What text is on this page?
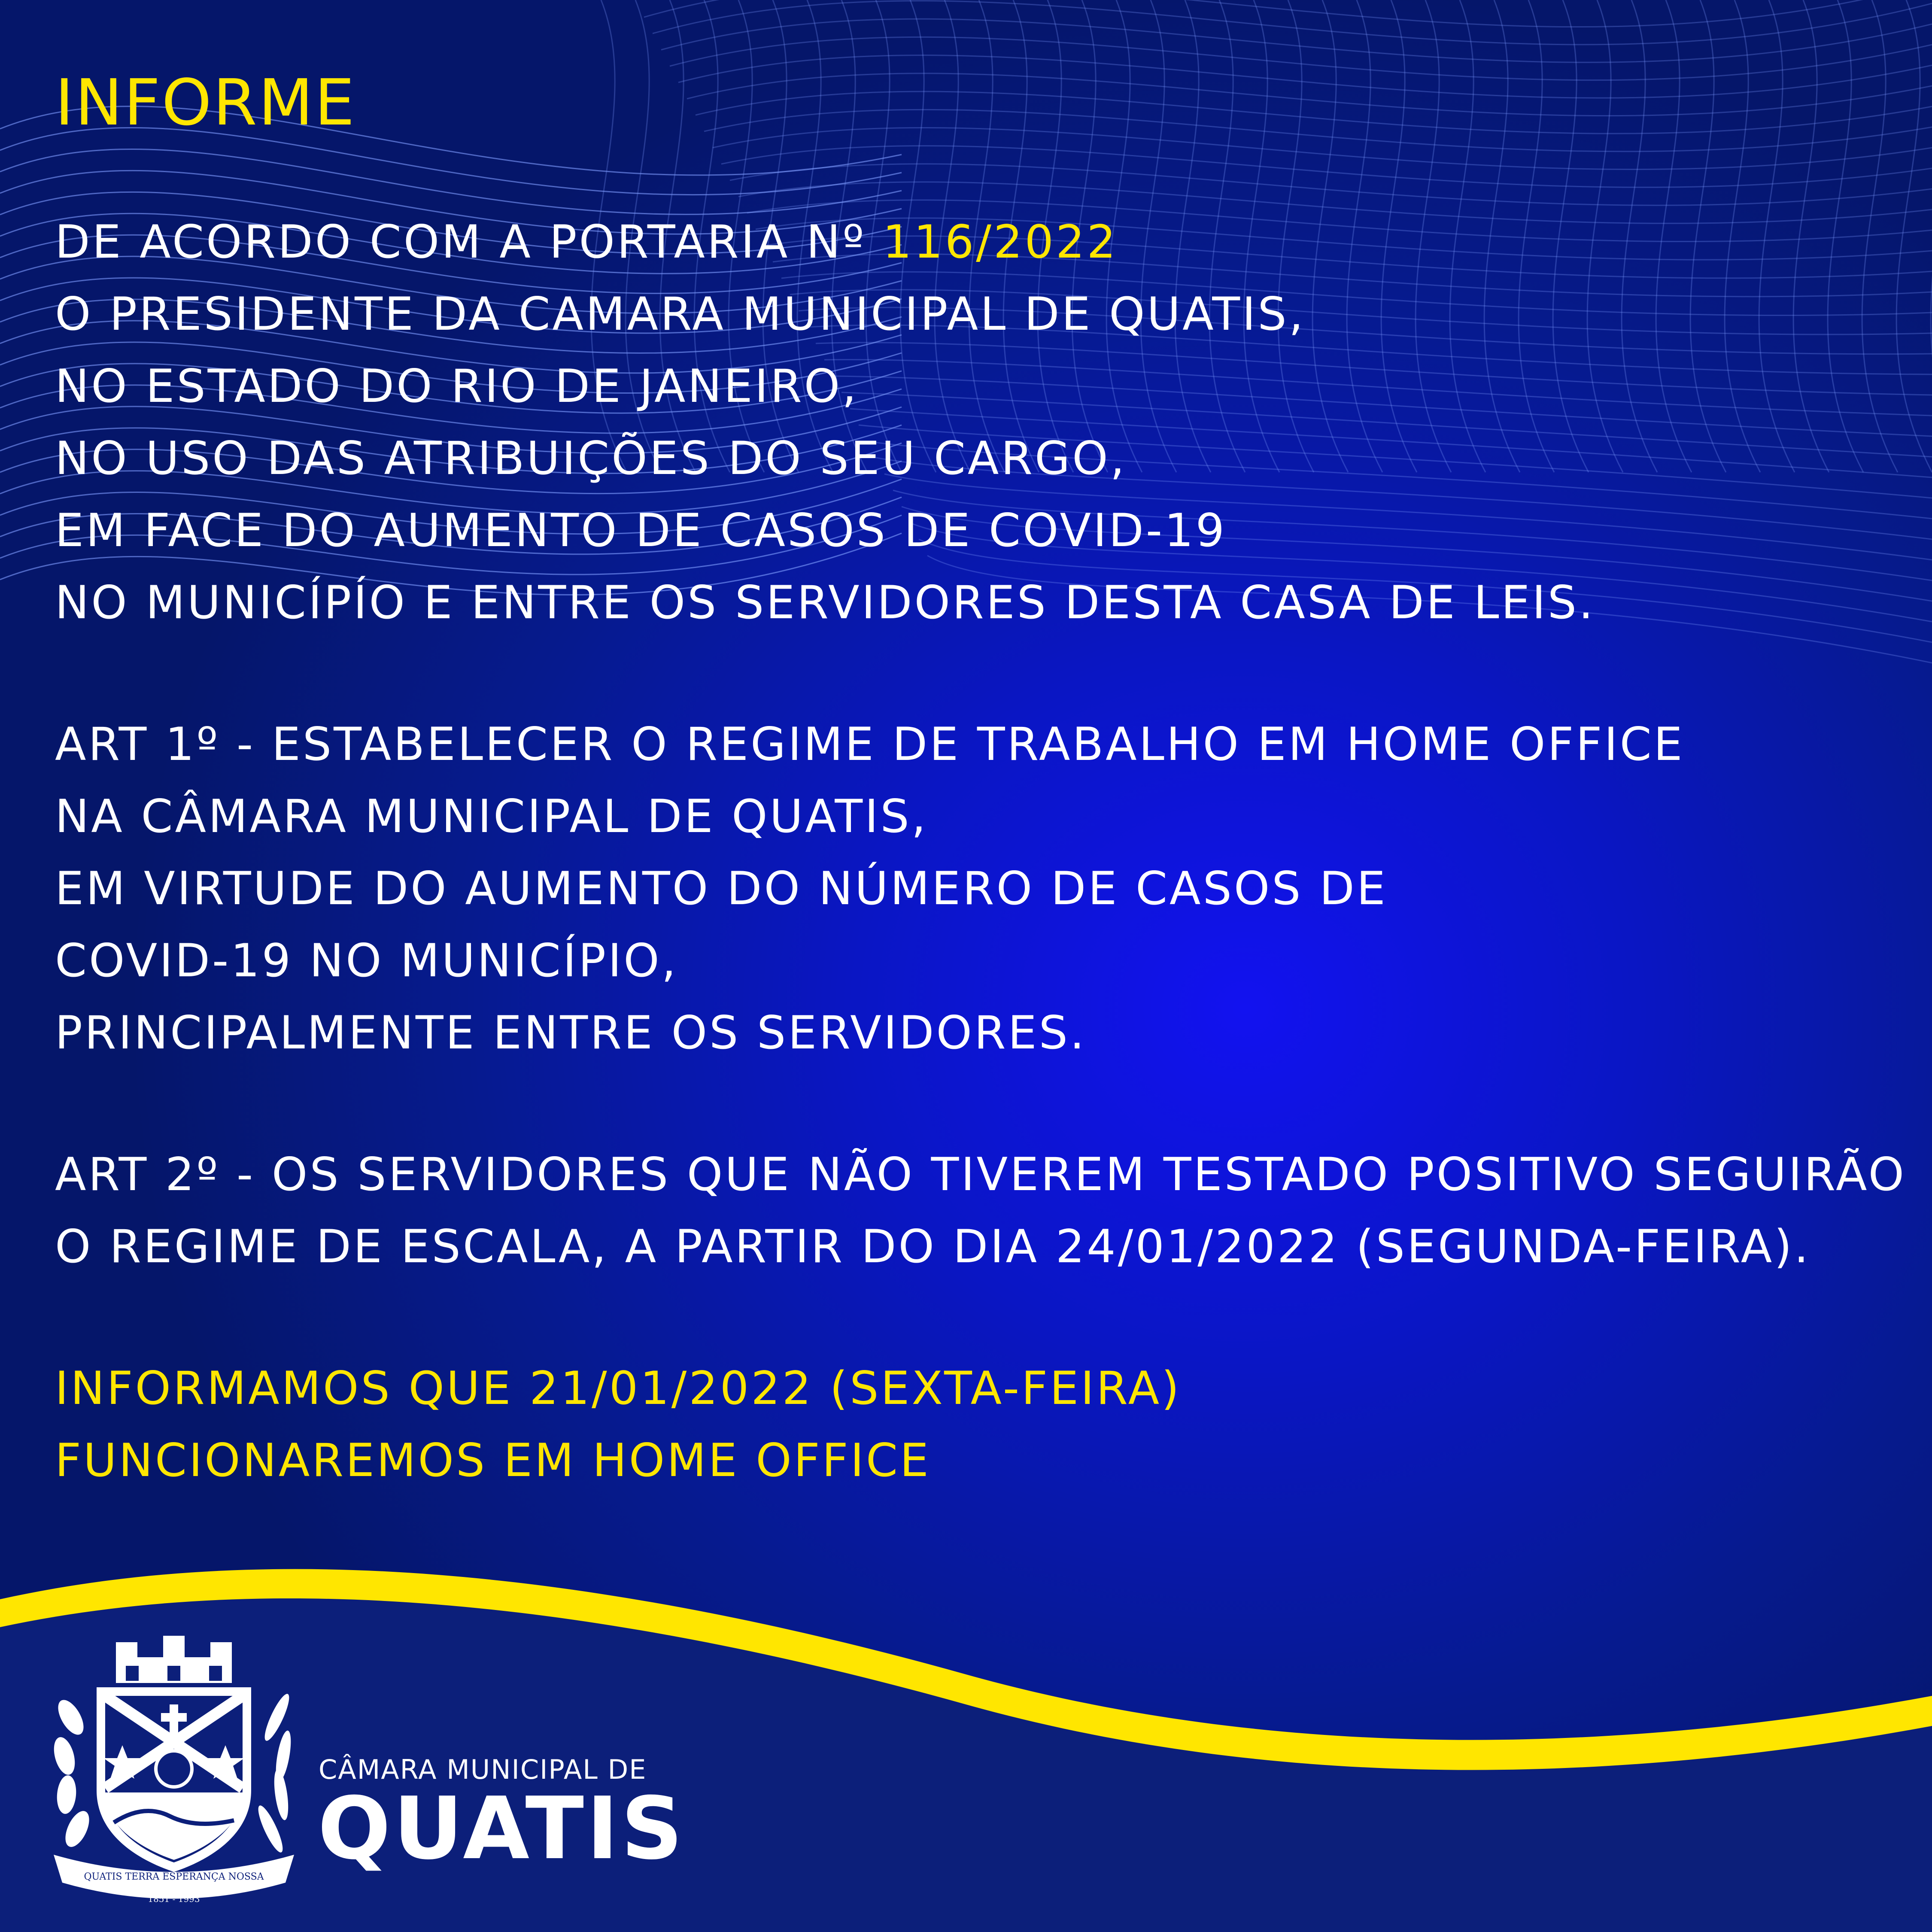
INFORME
DE ACORDO COM A PORTARIA Nº 116/2022
O PRESIDENTE DA CAMARA MUNICIPAL DE QUATIS,
NO ESTADO DO RIO DE JANEIRO,
NO USO DAS ATRIBUIÇÕES DO SEU CARGO,
EM FACE DO AUMENTO DE CASOS DE COVID-19
NO MUNICÍPÍO E ENTRE OS SERVIDORES DESTA CASA DE LEIS.
ART 1º - ESTABELECER O REGIME DE TRABALHO EM HOME OFFICE
NA CÂMARA MUNICIPAL DE QUATIS,
EM VIRTUDE DO AUMENTO DO NÚMERO DE CASOS DE
COVID-19 NO MUNICÍPIO,
PRINCIPALMENTE ENTRE OS SERVIDORES.
ART 2º - OS SERVIDORES QUE NÃO TIVEREM TESTADO POSITIVO SEGUIRÃO
O REGIME DE ESCALA, A PARTIR DO DIA 24/01/2022 (SEGUNDA-FEIRA).
INFORMAMOS QUE 21/01/2022 (SEXTA-FEIRA)
FUNCIONAREMOS EM HOME OFFICE
QUATIS TERRA ESPERANÇA NOSSA
1851 - 1993
CÂMARA MUNICIPAL DE
QUATIS
